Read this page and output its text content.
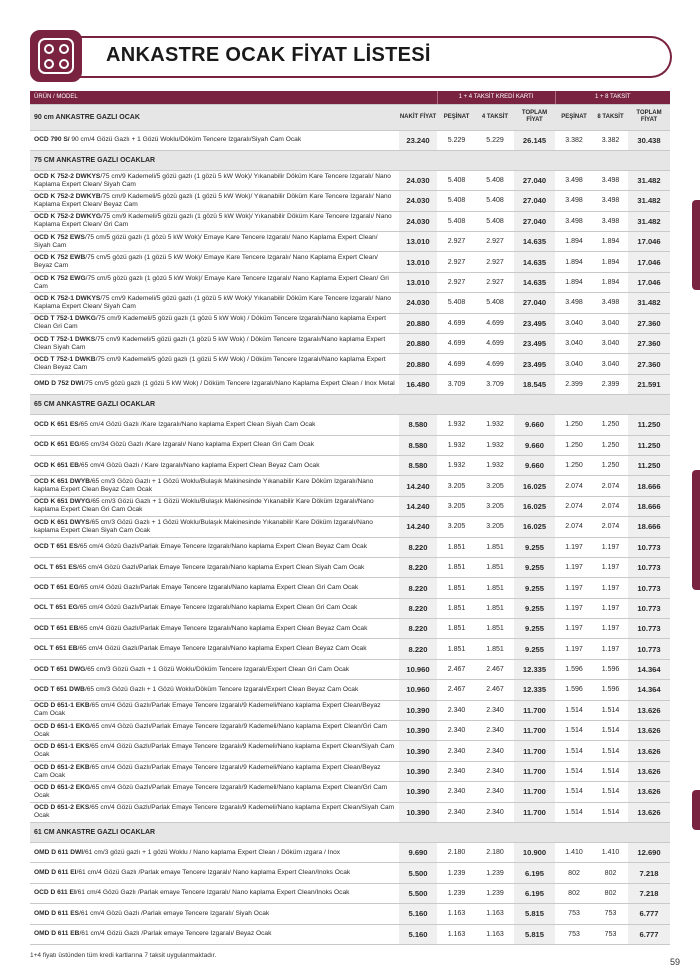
ANKASTRE OCAK FİYAT LİSTESİ
ÜRÜN / MODEL		1 + 4 TAKSİT KREDİ KARTI			1 + 8 TAKSİT		
90 cm ANKASTRE GAZLI OCAK	NAKİT FİYAT	PEŞİNAT	4 TAKSİT	TOPLAM FİYAT	PEŞİNAT	8 TAKSİT	TOPLAM FİYAT
OCD 790 S/ 90 cm/4 Gözü Gazlı + 1 Gözü Woklu/Döküm Tencere Izgaralı/Siyah Cam Ocak	23.240	5.229	5.229	26.145	3.382	3.382	30.438
75 CM ANKASTRE GAZLI OCAKLAR							
OCD K 752-2 DWKYS/75 cm/9 Kademeli/5 gözü gazlı (1 gözü 5 kW Wok)/ Yıkanabilir Döküm Kare Tencere Izgaralı/ Nano Kaplama Expert Clean/ Siyah Cam	24.030	5.408	5.408	27.040	3.498	3.498	31.482
OCD K 752-2 DWKYB/75 cm/9 Kademeli/5 gözü gazlı (1 gözü 5 kW Wok)/ Yıkanabilir Döküm Kare Tencere Izgaralı/ Nano Kaplama Expert Clean/ Beyaz Cam	24.030	5.408	5.408	27.040	3.498	3.498	31.482
OCD K 752-2 DWKYG/75 cm/9 Kademeli/5 gözü gazlı (1 gözü 5 kW Wok)/ Yıkanabilir Döküm Kare Tencere Izgaralı/ Nano Kaplama Expert Clean/ Gri Cam	24.030	5.408	5.408	27.040	3.498	3.498	31.482
OCD K 752 EWS/75 cm/5 gözü gazlı (1 gözü 5 kW Wok)/ Emaye Kare Tencere Izgaralı/ Nano Kaplama Expert Clean/ Siyah Cam	13.010	2.927	2.927	14.635	1.894	1.894	17.046
OCD K 752 EWB/75 cm/5 gözü gazlı (1 gözü 5 kW Wok)/ Emaye Kare Tencere Izgaralı/ Nano Kaplama Expert Clean/ Beyaz Cam	13.010	2.927	2.927	14.635	1.894	1.894	17.046
OCD K 752 EWG/75 cm/5 gözü gazlı (1 gözü 5 kW Wok)/ Emaye Kare Tencere Izgaralı/ Nano Kaplama Expert Clean/ Gri Cam	13.010	2.927	2.927	14.635	1.894	1.894	17.046
OCD K 752-1 DWKYS/75 cm/9 Kademeli/5 gözü gazlı (1 gözü 5 kW Wok)/ Yıkanabilir Döküm Kare Tencere Izgaralı/ Nano Kaplama Expert Clean/ Siyah Cam	24.030	5.408	5.408	27.040	3.498	3.498	31.482
OCD T 752-1 DWKG/75 cm/9 Kademeli/5 gözü gazlı (1 gözü 5 kW Wok) / Döküm Tencere Izgaralı/Nano kaplama Expert Clean Gri Cam	20.880	4.699	4.699	23.495	3.040	3.040	27.360
OCD T 752-1 DWKS/75 cm/9 Kademeli/5 gözü gazlı (1 gözü 5 kW Wok) / Döküm Tencere Izgaralı/Nano kaplama Expert Clean Siyah Cam	20.880	4.699	4.699	23.495	3.040	3.040	27.360
OCD T 752-1 DWKB/75 cm/9 Kademeli/5 gözü gazlı (1 gözü 5 kW Wok) / Döküm Tencere Izgaralı/Nano kaplama Expert Clean Beyaz Cam	20.880	4.699	4.699	23.495	3.040	3.040	27.360
OMD D 752 DWI/75 cm/5 gözü gazlı (1 gözü 5 kW Wok) / Döküm Tencere Izgaralı/Nano Kaplama Expert Clean / Inox Metal	16.480	3.709	3.709	18.545	2.399	2.399	21.591
65 CM ANKASTRE GAZLI OCAKLAR							
OCD K 651 ES/65 cm/4 Gözü Gazlı /Kare Izgaralı/Nano kaplama Expert Clean Siyah Cam Ocak	8.580	1.932	1.932	9.660	1.250	1.250	11.250
OCD K 651 EG/65 cm/34 Gözü Gazlı /Kare Izgaralı/ Nano kaplama Expert Clean Gri Cam Ocak	8.580	1.932	1.932	9.660	1.250	1.250	11.250
OCD K 651 EB/65 cm/4 Gözü Gazlı / Kare Izgaralı/Nano kaplama Expert Clean Beyaz Cam Ocak	8.580	1.932	1.932	9.660	1.250	1.250	11.250
OCD K 651 DWYB/65 cm/3 Gözü Gazlı + 1 Gözü Woklu/Bulaşık Makinesinde Yıkanabilir Kare Döküm Izgaralı/Nano kaplama Expert Clean Beyaz Cam Ocak	14.240	3.205	3.205	16.025	2.074	2.074	18.666
OCD K 651 DWYG/65 cm/3 Gözü Gazlı + 1 Gözü Woklu/Bulaşık Makinesinde Yıkanabilir Kare Döküm Izgaralı/Nano kaplama Expert Clean Gri Cam Ocak	14.240	3.205	3.205	16.025	2.074	2.074	18.666
OCD K 651 DWYS/65 cm/3 Gözü Gazlı + 1 Gözü Woklu/Bulaşık Makinesinde Yıkanabilir Kare Döküm Izgaralı/Nano kaplama Expert Clean Siyah Cam Ocak	14.240	3.205	3.205	16.025	2.074	2.074	18.666
OCD T 651 ES/65 cm/4 Gözü Gazlı/Parlak Emaye Tencere Izgaralı/Nano kaplama Expert Clean Beyaz Cam Ocak	8.220	1.851	1.851	9.255	1.197	1.197	10.773
OCL T 651 ES/65 cm/4 Gözü Gazlı/Parlak Emaye Tencere Izgaralı/Nano kaplama Expert Clean Siyah Cam Ocak	8.220	1.851	1.851	9.255	1.197	1.197	10.773
OCD T 651 EG/65 cm/4 Gözü Gazlı/Parlak Emaye Tencere Izgaralı/Nano kaplama Expert Clean Gri Cam Ocak	8.220	1.851	1.851	9.255	1.197	1.197	10.773
OCL T 651 EG/65 cm/4 Gözü Gazlı/Parlak Emaye Tencere Izgaralı/Nano kaplama Expert Clean Gri Cam Ocak	8.220	1.851	1.851	9.255	1.197	1.197	10.773
OCD T 651 EB/65 cm/4 Gözü Gazlı/Parlak Emaye Tencere Izgaralı/Nano kaplama Expert Clean Beyaz Cam Ocak	8.220	1.851	1.851	9.255	1.197	1.197	10.773
OCL T 651 EB/65 cm/4 Gözü Gazlı/Parlak Emaye Tencere Izgaralı/Nano kaplama Expert Clean Beyaz Cam Ocak	8.220	1.851	1.851	9.255	1.197	1.197	10.773
OCD T 651 DWG/65 cm/3 Gözü Gazlı + 1 Gözü Woklu/Döküm Tencere Izgaralı/Expert Clean Gri Cam Ocak	10.960	2.467	2.467	12.335	1.596	1.596	14.364
OCD T 651 DWB/65 cm/3 Gözü Gazlı + 1 Gözü Woklu/Döküm Tencere Izgaralı/Expert Clean Beyaz Cam Ocak	10.960	2.467	2.467	12.335	1.596	1.596	14.364
OCD D 651-1 EKB/65 cm/4 Gözü Gazlı/Parlak Emaye Tencere Izgaralı/9 Kademeli/Nano kaplama Expert Clean/Beyaz Cam Ocak	10.390	2.340	2.340	11.700	1.514	1.514	13.626
OCD D 651-1 EKG/65 cm/4 Gözü Gazlı/Parlak Emaye Tencere Izgaralı/9 Kademeli/Nano kaplama Expert Clean/Gri Cam Ocak	10.390	2.340	2.340	11.700	1.514	1.514	13.626
OCD D 651-1 EKS/65 cm/4 Gözü Gazlı/Parlak Emaye Tencere Izgaralı/9 Kademeli/Nano kaplama Expert Clean/Siyah Cam Ocak	10.390	2.340	2.340	11.700	1.514	1.514	13.626
OCD D 651-2 EKB/65 cm/4 Gözü Gazlı/Parlak Emaye Tencere Izgaralı/9 Kademeli/Nano kaplama Expert Clean/Beyaz Cam Ocak	10.390	2.340	2.340	11.700	1.514	1.514	13.626
OCD D 651-2 EKG/65 cm/4 Gözü Gazlı/Parlak Emaye Tencere Izgaralı/9 Kademeli/Nano kaplama Expert Clean/Gri Cam Ocak	10.390	2.340	2.340	11.700	1.514	1.514	13.626
OCD D 651-2 EKS/65 cm/4 Gözü Gazlı/Parlak Emaye Tencere Izgaralı/9 Kademeli/Nano kaplama Expert Clean/Siyah Cam Ocak	10.390	2.340	2.340	11.700	1.514	1.514	13.626
61 CM ANKASTRE GAZLI OCAKLAR							
OMD D 611 DWI/61 cm/3 gözü gazlı + 1 gözü Woklu / Nano kaplama Expert Clean / Döküm ızgara / Inox	9.690	2.180	2.180	10.900	1.410	1.410	12.690
OMD D 611 EI/61 cm/4 Gözü Gazlı /Parlak emaye Tencere Izgaralı/ Nano kaplama Expert Clean/Inoks Ocak	5.500	1.239	1.239	6.195	802	802	7.218
OCD D 611 EI/61 cm/4 Gözü Gazlı /Parlak emaye Tencere Izgaralı/ Nano kaplama Expert Clean/Inoks Ocak	5.500	1.239	1.239	6.195	802	802	7.218
OMD D 611 ES/61 cm/4 Gözü Gazlı /Parlak emaye Tencere Izgaralı/ Siyah Ocak	5.160	1.163	1.163	5.815	753	753	6.777
OMD D 611 EB/61 cm/4 Gözü Gazlı /Parlak emaye Tencere Izgaralı/ Beyaz Ocak	5.160	1.163	1.163	5.815	753	753	6.777
1+4 fiyatı üstünden tüm kredi kartlarına 7 taksit uygulanmaktadır.
59
